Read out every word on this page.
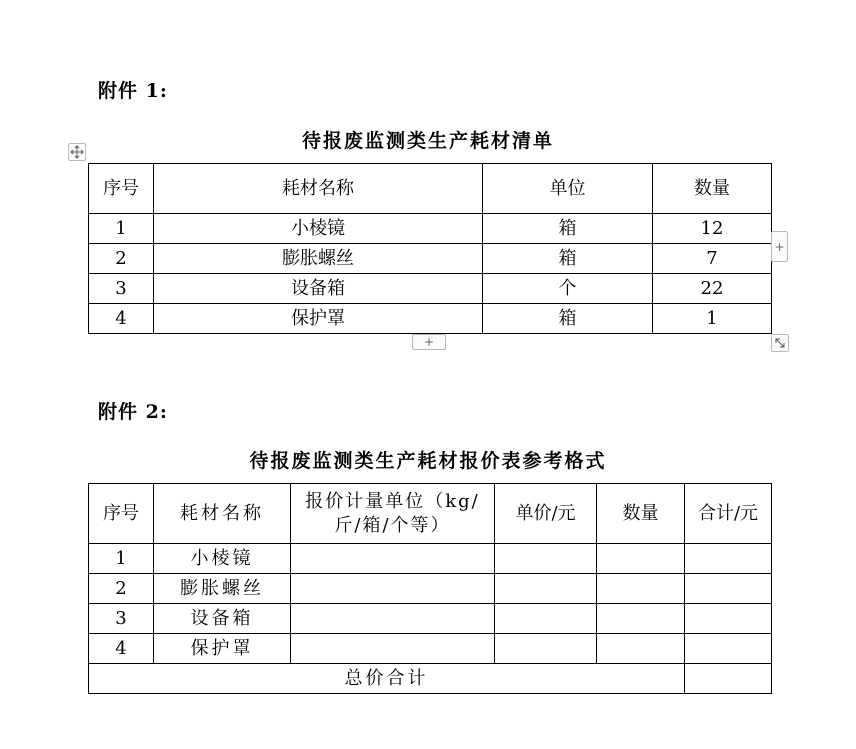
附件 1:
待报废监测类生产耗材清单
序号	耗材名称	单位	数量
1	小棱镜	箱	12
2	膨胀螺丝	箱	7
3	设备箱	个	22
4	保护罩	箱	1
+
+
附件 2:
待报废监测类生产耗材报价表参考格式
序号	耗材名称	报价计量单位（kg/斤/箱/个等）	单价/元	数量	合计/元
1	小棱镜				
2	膨胀螺丝				
3	设备箱				
4	保护罩				
总价合计					
